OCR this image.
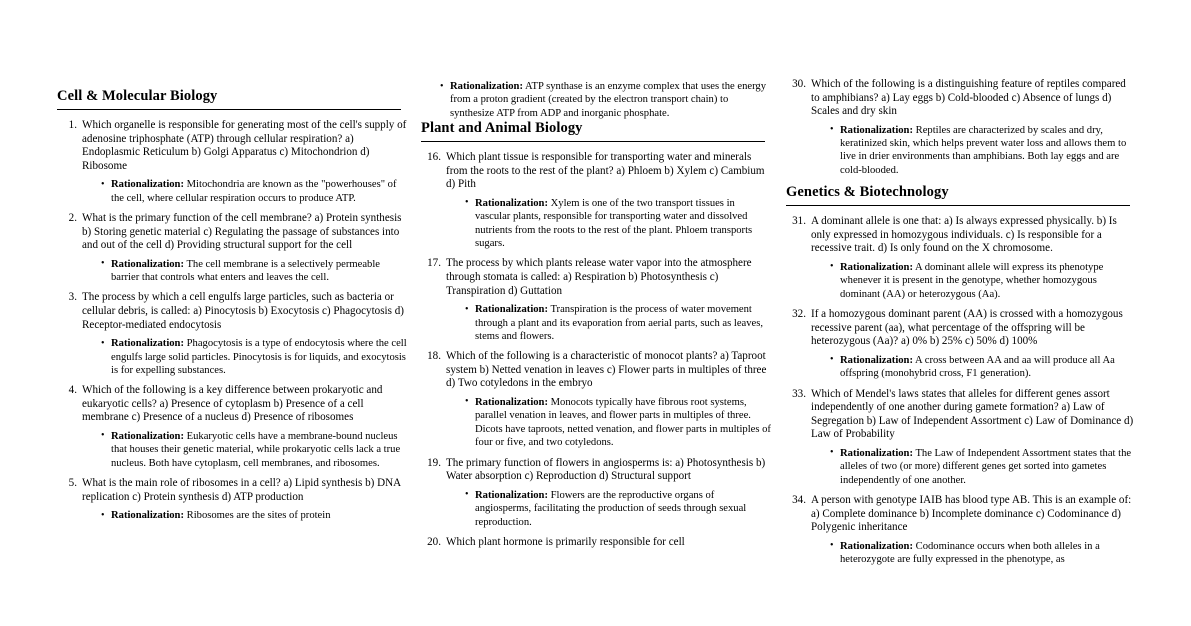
Cell & Molecular Biology
1. Which organelle is responsible for generating most of the cell's supply of adenosine triphosphate (ATP) through cellular respiration? a) Endoplasmic Reticulum b) Golgi Apparatus c) Mitochondrion d) Ribosome
• Rationalization: Mitochondria are known as the "powerhouses" of the cell, where cellular respiration occurs to produce ATP.
2. What is the primary function of the cell membrane? a) Protein synthesis b) Storing genetic material c) Regulating the passage of substances into and out of the cell d) Providing structural support for the cell
• Rationalization: The cell membrane is a selectively permeable barrier that controls what enters and leaves the cell.
3. The process by which a cell engulfs large particles, such as bacteria or cellular debris, is called: a) Pinocytosis b) Exocytosis c) Phagocytosis d) Receptor-mediated endocytosis
• Rationalization: Phagocytosis is a type of endocytosis where the cell engulfs large solid particles. Pinocytosis is for liquids, and exocytosis is for expelling substances.
4. Which of the following is a key difference between prokaryotic and eukaryotic cells? a) Presence of cytoplasm b) Presence of a cell membrane c) Presence of a nucleus d) Presence of ribosomes
• Rationalization: Eukaryotic cells have a membrane-bound nucleus that houses their genetic material, while prokaryotic cells lack a true nucleus. Both have cytoplasm, cell membranes, and ribosomes.
5. What is the main role of ribosomes in a cell? a) Lipid synthesis b) DNA replication c) Protein synthesis d) ATP production
• Rationalization: Ribosomes are the sites of protein
• Rationalization: ATP synthase is an enzyme complex that uses the energy from a proton gradient (created by the electron transport chain) to synthesize ATP from ADP and inorganic phosphate.
Plant and Animal Biology
16. Which plant tissue is responsible for transporting water and minerals from the roots to the rest of the plant? a) Phloem b) Xylem c) Cambium d) Pith
• Rationalization: Xylem is one of the two transport tissues in vascular plants, responsible for transporting water and dissolved nutrients from the roots to the rest of the plant. Phloem transports sugars.
17. The process by which plants release water vapor into the atmosphere through stomata is called: a) Respiration b) Photosynthesis c) Transpiration d) Guttation
• Rationalization: Transpiration is the process of water movement through a plant and its evaporation from aerial parts, such as leaves, stems and flowers.
18. Which of the following is a characteristic of monocot plants? a) Taproot system b) Netted venation in leaves c) Flower parts in multiples of three d) Two cotyledons in the embryo
• Rationalization: Monocots typically have fibrous root systems, parallel venation in leaves, and flower parts in multiples of three. Dicots have taproots, netted venation, and flower parts in multiples of four or five, and two cotyledons.
19. The primary function of flowers in angiosperms is: a) Photosynthesis b) Water absorption c) Reproduction d) Structural support
• Rationalization: Flowers are the reproductive organs of angiosperms, facilitating the production of seeds through sexual reproduction.
20. Which plant hormone is primarily responsible for cell
30. Which of the following is a distinguishing feature of reptiles compared to amphibians? a) Lay eggs b) Cold-blooded c) Absence of lungs d) Scales and dry skin
• Rationalization: Reptiles are characterized by scales and dry, keratinized skin, which helps prevent water loss and allows them to live in drier environments than amphibians. Both lay eggs and are cold-blooded.
Genetics & Biotechnology
31. A dominant allele is one that: a) Is always expressed physically. b) Is only expressed in homozygous individuals. c) Is responsible for a recessive trait. d) Is only found on the X chromosome.
• Rationalization: A dominant allele will express its phenotype whenever it is present in the genotype, whether homozygous dominant (AA) or heterozygous (Aa).
32. If a homozygous dominant parent (AA) is crossed with a homozygous recessive parent (aa), what percentage of the offspring will be heterozygous (Aa)? a) 0% b) 25% c) 50% d) 100%
• Rationalization: A cross between AA and aa will produce all Aa offspring (monohybrid cross, F1 generation).
33. Which of Mendel's laws states that alleles for different genes assort independently of one another during gamete formation? a) Law of Segregation b) Law of Independent Assortment c) Law of Dominance d) Law of Probability
• Rationalization: The Law of Independent Assortment states that the alleles of two (or more) different genes get sorted into gametes independently of one another.
34. A person with genotype IAIB has blood type AB. This is an example of: a) Complete dominance b) Incomplete dominance c) Codominance d) Polygenic inheritance
• Rationalization: Codominance occurs when both alleles in a heterozygote are fully expressed in the phenotype, as
